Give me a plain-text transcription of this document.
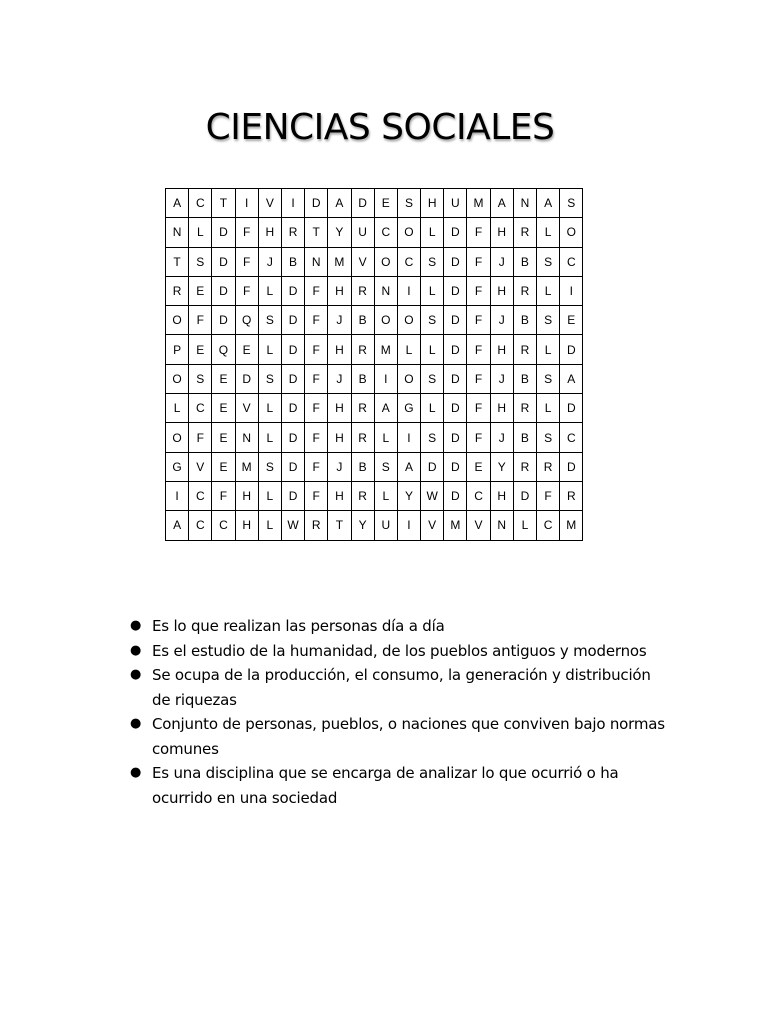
CIENCIAS SOCIALES
A	C	T	I	V	I	D	A	D	E	S	H	U	M	A	N	A	S
N	L	D	F	H	R	T	Y	U	C	O	L	D	F	H	R	L	O
T	S	D	F	J	B	N	M	V	O	C	S	D	F	J	B	S	C
R	E	D	F	L	D	F	H	R	N	I	L	D	F	H	R	L	I
O	F	D	Q	S	D	F	J	B	O	O	S	D	F	J	B	S	E
P	E	Q	E	L	D	F	H	R	M	L	L	D	F	H	R	L	D
O	S	E	D	S	D	F	J	B	I	O	S	D	F	J	B	S	A
L	C	E	V	L	D	F	H	R	A	G	L	D	F	H	R	L	D
O	F	E	N	L	D	F	H	R	L	I	S	D	F	J	B	S	C
G	V	E	M	S	D	F	J	B	S	A	D	D	E	Y	R	R	D
I	C	F	H	L	D	F	H	R	L	Y	W	D	C	H	D	F	R
A	C	C	H	L	W	R	T	Y	U	I	V	M	V	N	L	C	M
● Es lo que realizan las personas día a día
● Es el estudio de la humanidad, de los pueblos antiguos y modernos
● Se ocupa de la producción, el consumo, la generación y distribución de riquezas
● Conjunto de personas, pueblos, o naciones que conviven bajo normas comunes
● Es una disciplina que se encarga de analizar lo que ocurrió o ha ocurrido en una sociedad
